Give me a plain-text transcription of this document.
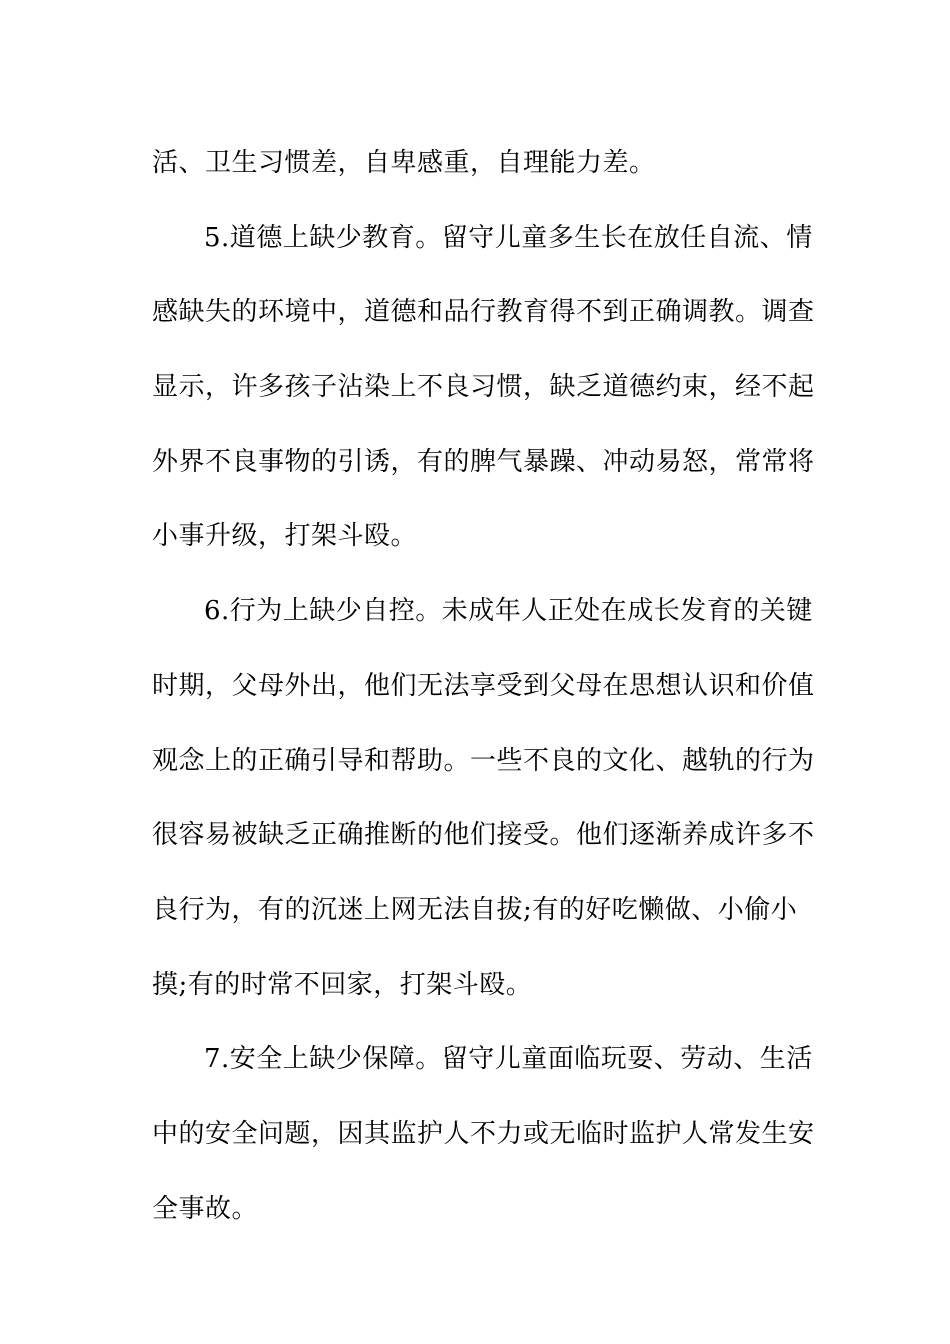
活、卫生习惯差，自卑感重，自理能力差。
5.道德上缺少教育。留守儿童多生长在放任自流、情
感缺失的环境中，道德和品行教育得不到正确调教。调查
显示，许多孩子沾染上不良习惯，缺乏道德约束，经不起
外界不良事物的引诱，有的脾气暴躁、冲动易怒，常常将
小事升级，打架斗殴。
6.行为上缺少自控。未成年人正处在成长发育的关键
时期，父母外出，他们无法享受到父母在思想认识和价值
观念上的正确引导和帮助。一些不良的文化、越轨的行为
很容易被缺乏正确推断的他们接受。他们逐渐养成许多不
良行为，有的沉迷上网无法自拔;有的好吃懒做、小偷小
摸;有的时常不回家，打架斗殴。
7.安全上缺少保障。留守儿童面临玩耍、劳动、生活
中的安全问题，因其监护人不力或无临时监护人常发生安
全事故。
